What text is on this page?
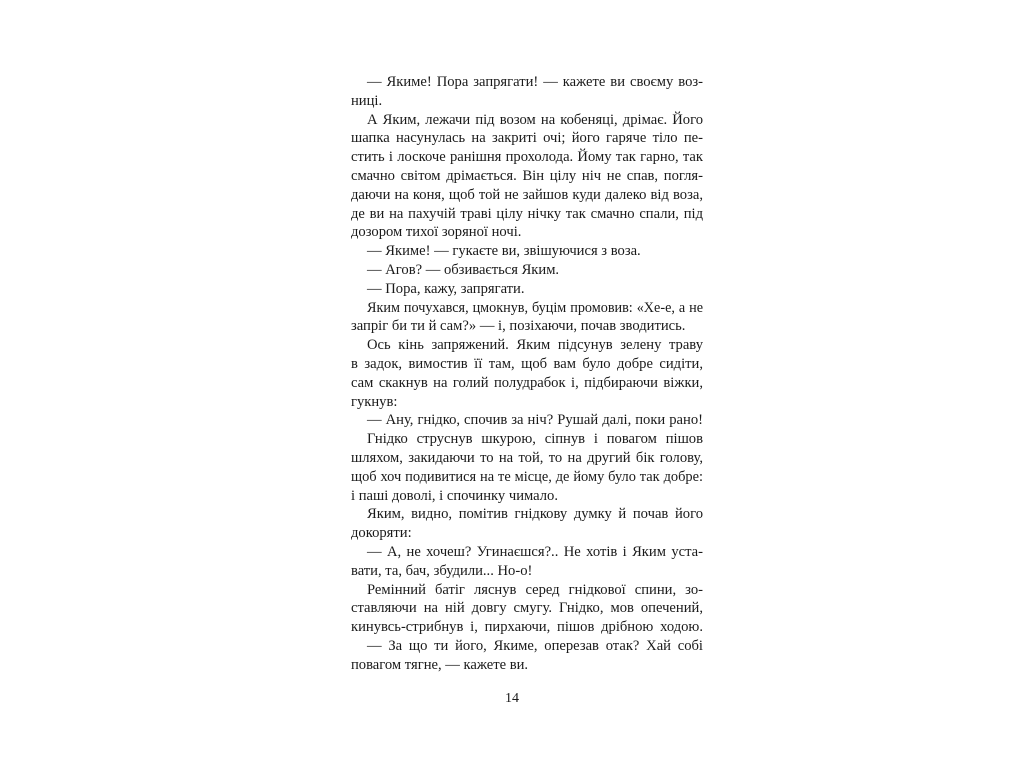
— Якиме! Пора запрягати! — кажете ви своєму воз-
ниці.
А Яким, лежачи під возом на кобеняці, дрімає. Його
шапка насунулась на закриті очі; його гаряче тіло пе-
стить і лоскоче ранішня прохолода. Йому так гарно, так
смачно світом дрімається. Він цілу ніч не спав, погля-
даючи на коня, щоб той не зайшов куди далеко від воза,
де ви на пахучій траві цілу нічку так смачно спали, під
дозором тихої зоряної ночі.
— Якиме! — гукаєте ви, звішуючися з воза.
— Агов? — обзивається Яким.
— Пора, кажу, запрягати.
Яким почухався, цмокнув, буцім промовив: «Хе-е, а не
запріг би ти й сам?» — і, позіхаючи, почав зводитись.
Ось кінь запряжений. Яким підсунув зелену траву
в задок, вимостив її там, щоб вам було добре сидіти,
сам скакнув на голий полудрабок і, підбираючи віжки,
гукнув:
— Ану, гнідко, спочив за ніч? Рушай далі, поки рано!
Гнідко струснув шкурою, сіпнув і повагом пішов
шляхом, закидаючи то на той, то на другий бік голову,
щоб хоч подивитися на те місце, де йому було так добре:
і паші доволі, і спочинку чимало.
Яким, видно, помітив гнідкову думку й почав його
докоряти:
— А, не хочеш? Угинаєшся?.. Не хотів і Яким уста-
вати, та, бач, збудили... Но-о!
Ремінний батіг ляснув серед гнідкової спини, зо-
ставляючи на ній довгу смугу. Гнідко, мов опечений,
кинувсь-стрибнув і, пирхаючи, пішов дрібною ходою.
— За що ти його, Якиме, оперезав отак? Хай собі
повагом тягне, — кажете ви.
14
